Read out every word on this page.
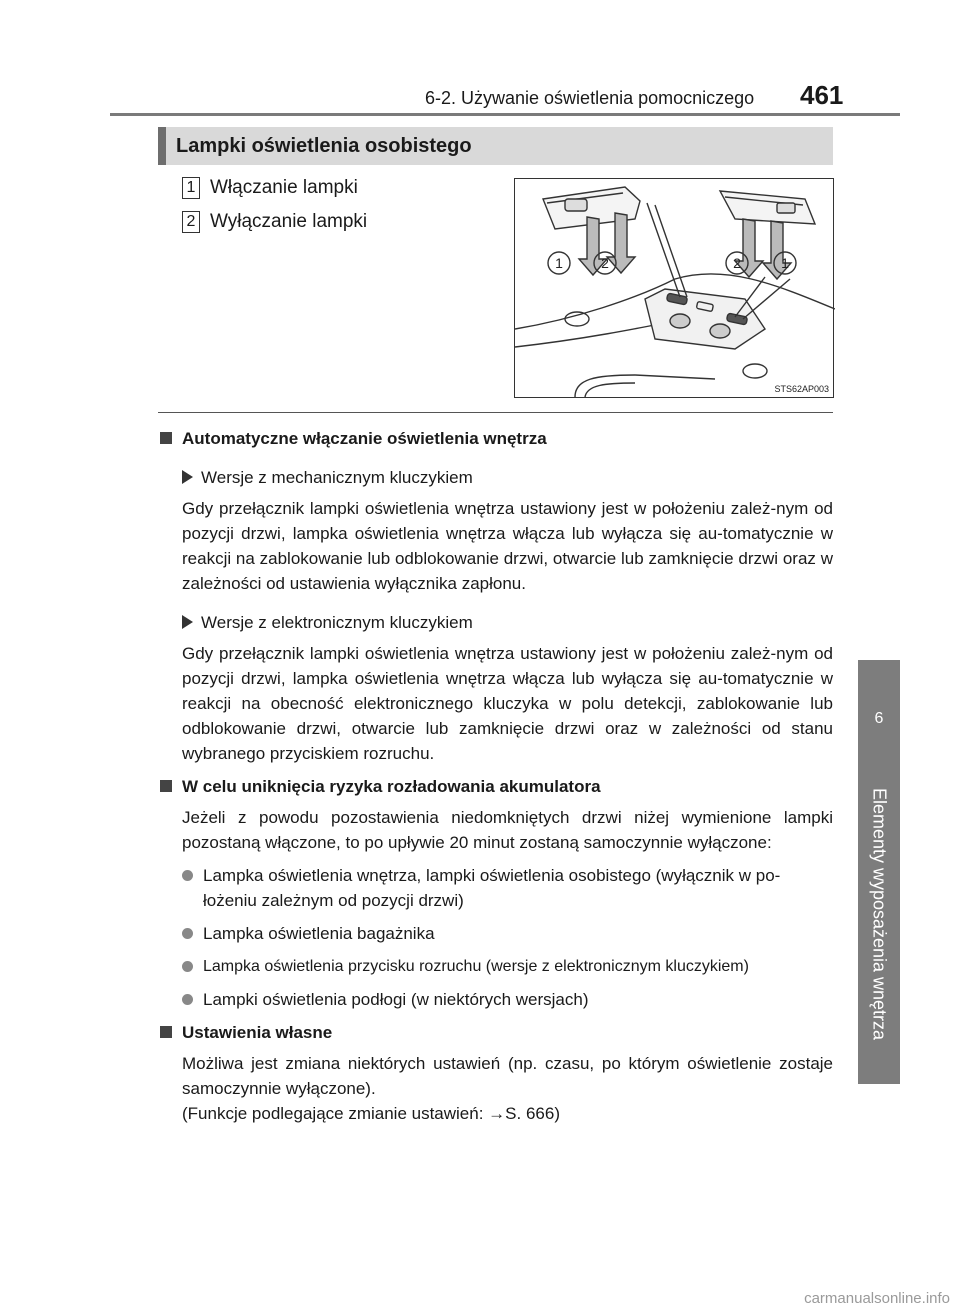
6-2. Używanie oświetlenia pomocniczego 461
6
Elementy wyposażenia wnętrza
Lampki oświetlenia osobistego
1 Włączanie lampki
2 Wyłączanie lampki
1	2	2	1
STS62AP003
Automatyczne włączanie oświetlenia wnętrza
Wersje z mechanicznym kluczykiem
Gdy przełącznik lampki oświetlenia wnętrza ustawiony jest w położeniu zależ-nym od pozycji drzwi, lampka oświetlenia wnętrza włącza lub wyłącza się au-tomatycznie w reakcji na zablokowanie lub odblokowanie drzwi, otwarcie lub zamknięcie drzwi oraz w zależności od ustawienia wyłącznika zapłonu.
Wersje z elektronicznym kluczykiem
Gdy przełącznik lampki oświetlenia wnętrza ustawiony jest w położeniu zależ-nym od pozycji drzwi, lampka oświetlenia wnętrza włącza lub wyłącza się au-tomatycznie w reakcji na obecność elektronicznego kluczyka w polu detekcji, zablokowanie lub odblokowanie drzwi, otwarcie lub zamknięcie drzwi oraz w zależności od stanu wybranego przyciskiem rozruchu.
W celu uniknięcia ryzyka rozładowania akumulatora
Jeżeli z powodu pozostawienia niedomkniętych drzwi niżej wymienione lampki pozostaną włączone, to po upływie 20 minut zostaną samoczynnie wyłączone:
Lampka oświetlenia wnętrza, lampki oświetlenia osobistego (wyłącznik w po-łożeniu zależnym od pozycji drzwi)
Lampka oświetlenia bagażnika
Lampka oświetlenia przycisku rozruchu (wersje z elektronicznym kluczykiem)
Lampki oświetlenia podłogi (w niektórych wersjach)
Ustawienia własne
Możliwa jest zmiana niektórych ustawień (np. czasu, po którym oświetlenie zostaje samoczynnie wyłączone).
(Funkcje podlegające zmianie ustawień: →S. 666)
carmanualsonline.info
